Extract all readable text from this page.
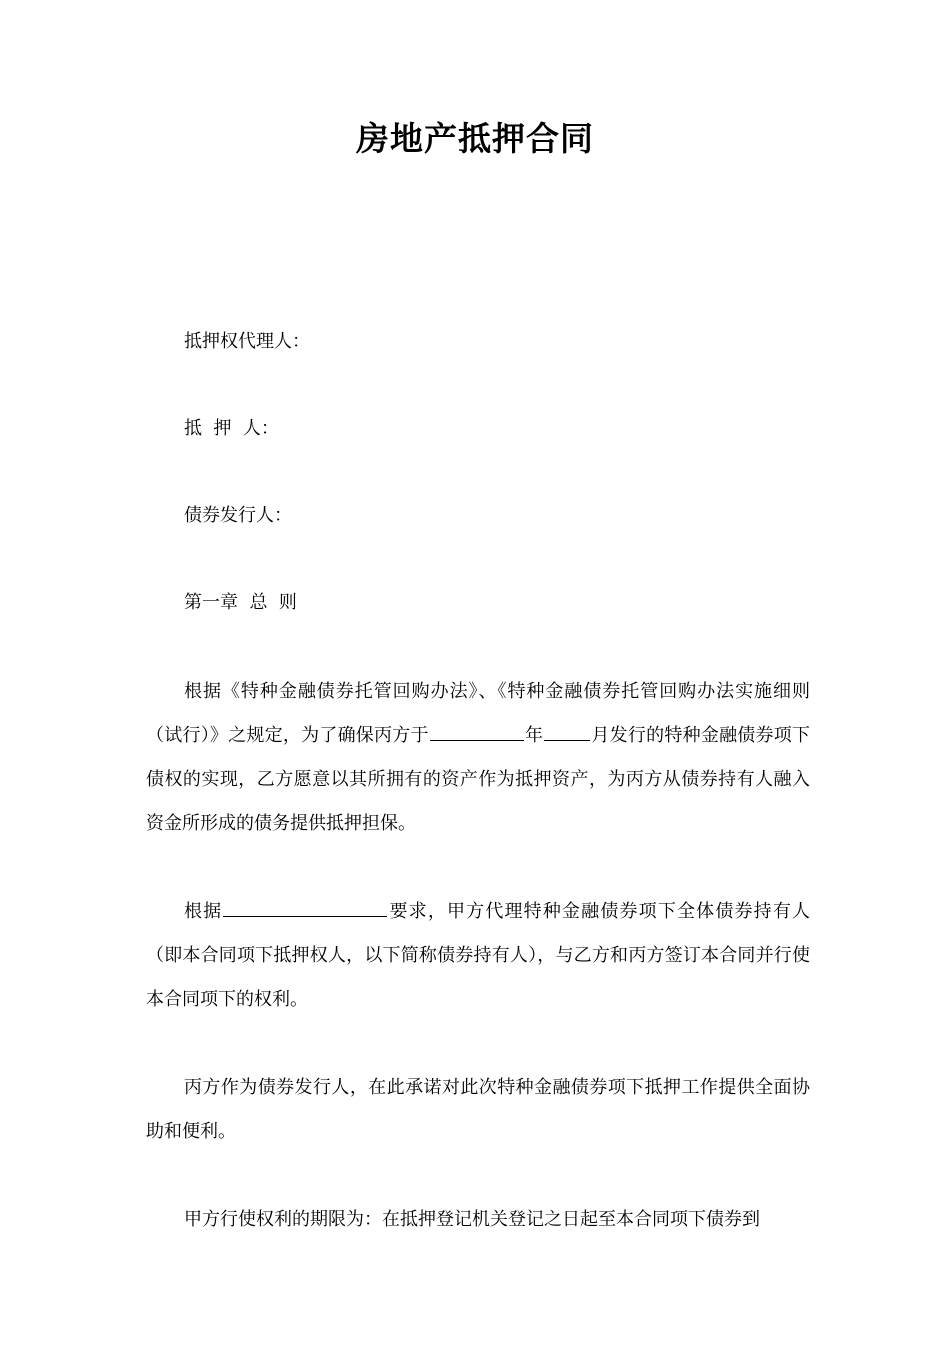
房地产抵押合同
抵押权代理人：
抵  押  人：
债券发行人：
第一章  总  则
根据《特种金融债券托管回购办法》、《特种金融债券托管回购办法实施细则（试行）》之规定，为了确保丙方于	年	月发行的特种金融债券项下债权的实现，乙方愿意以其所拥有的资产作为抵押资产，为丙方从债券持有人融入资金所形成的债务提供抵押担保。
根据	要求，甲方代理特种金融债券项下全体债券持有人（即本合同项下抵押权人，以下简称债券持有人），与乙方和丙方签订本合同并行使本合同项下的权利。
丙方作为债券发行人，在此承诺对此次特种金融债券项下抵押工作提供全面协助和便利。
甲方行使权利的期限为：在抵押登记机关登记之日起至本合同项下债券到
